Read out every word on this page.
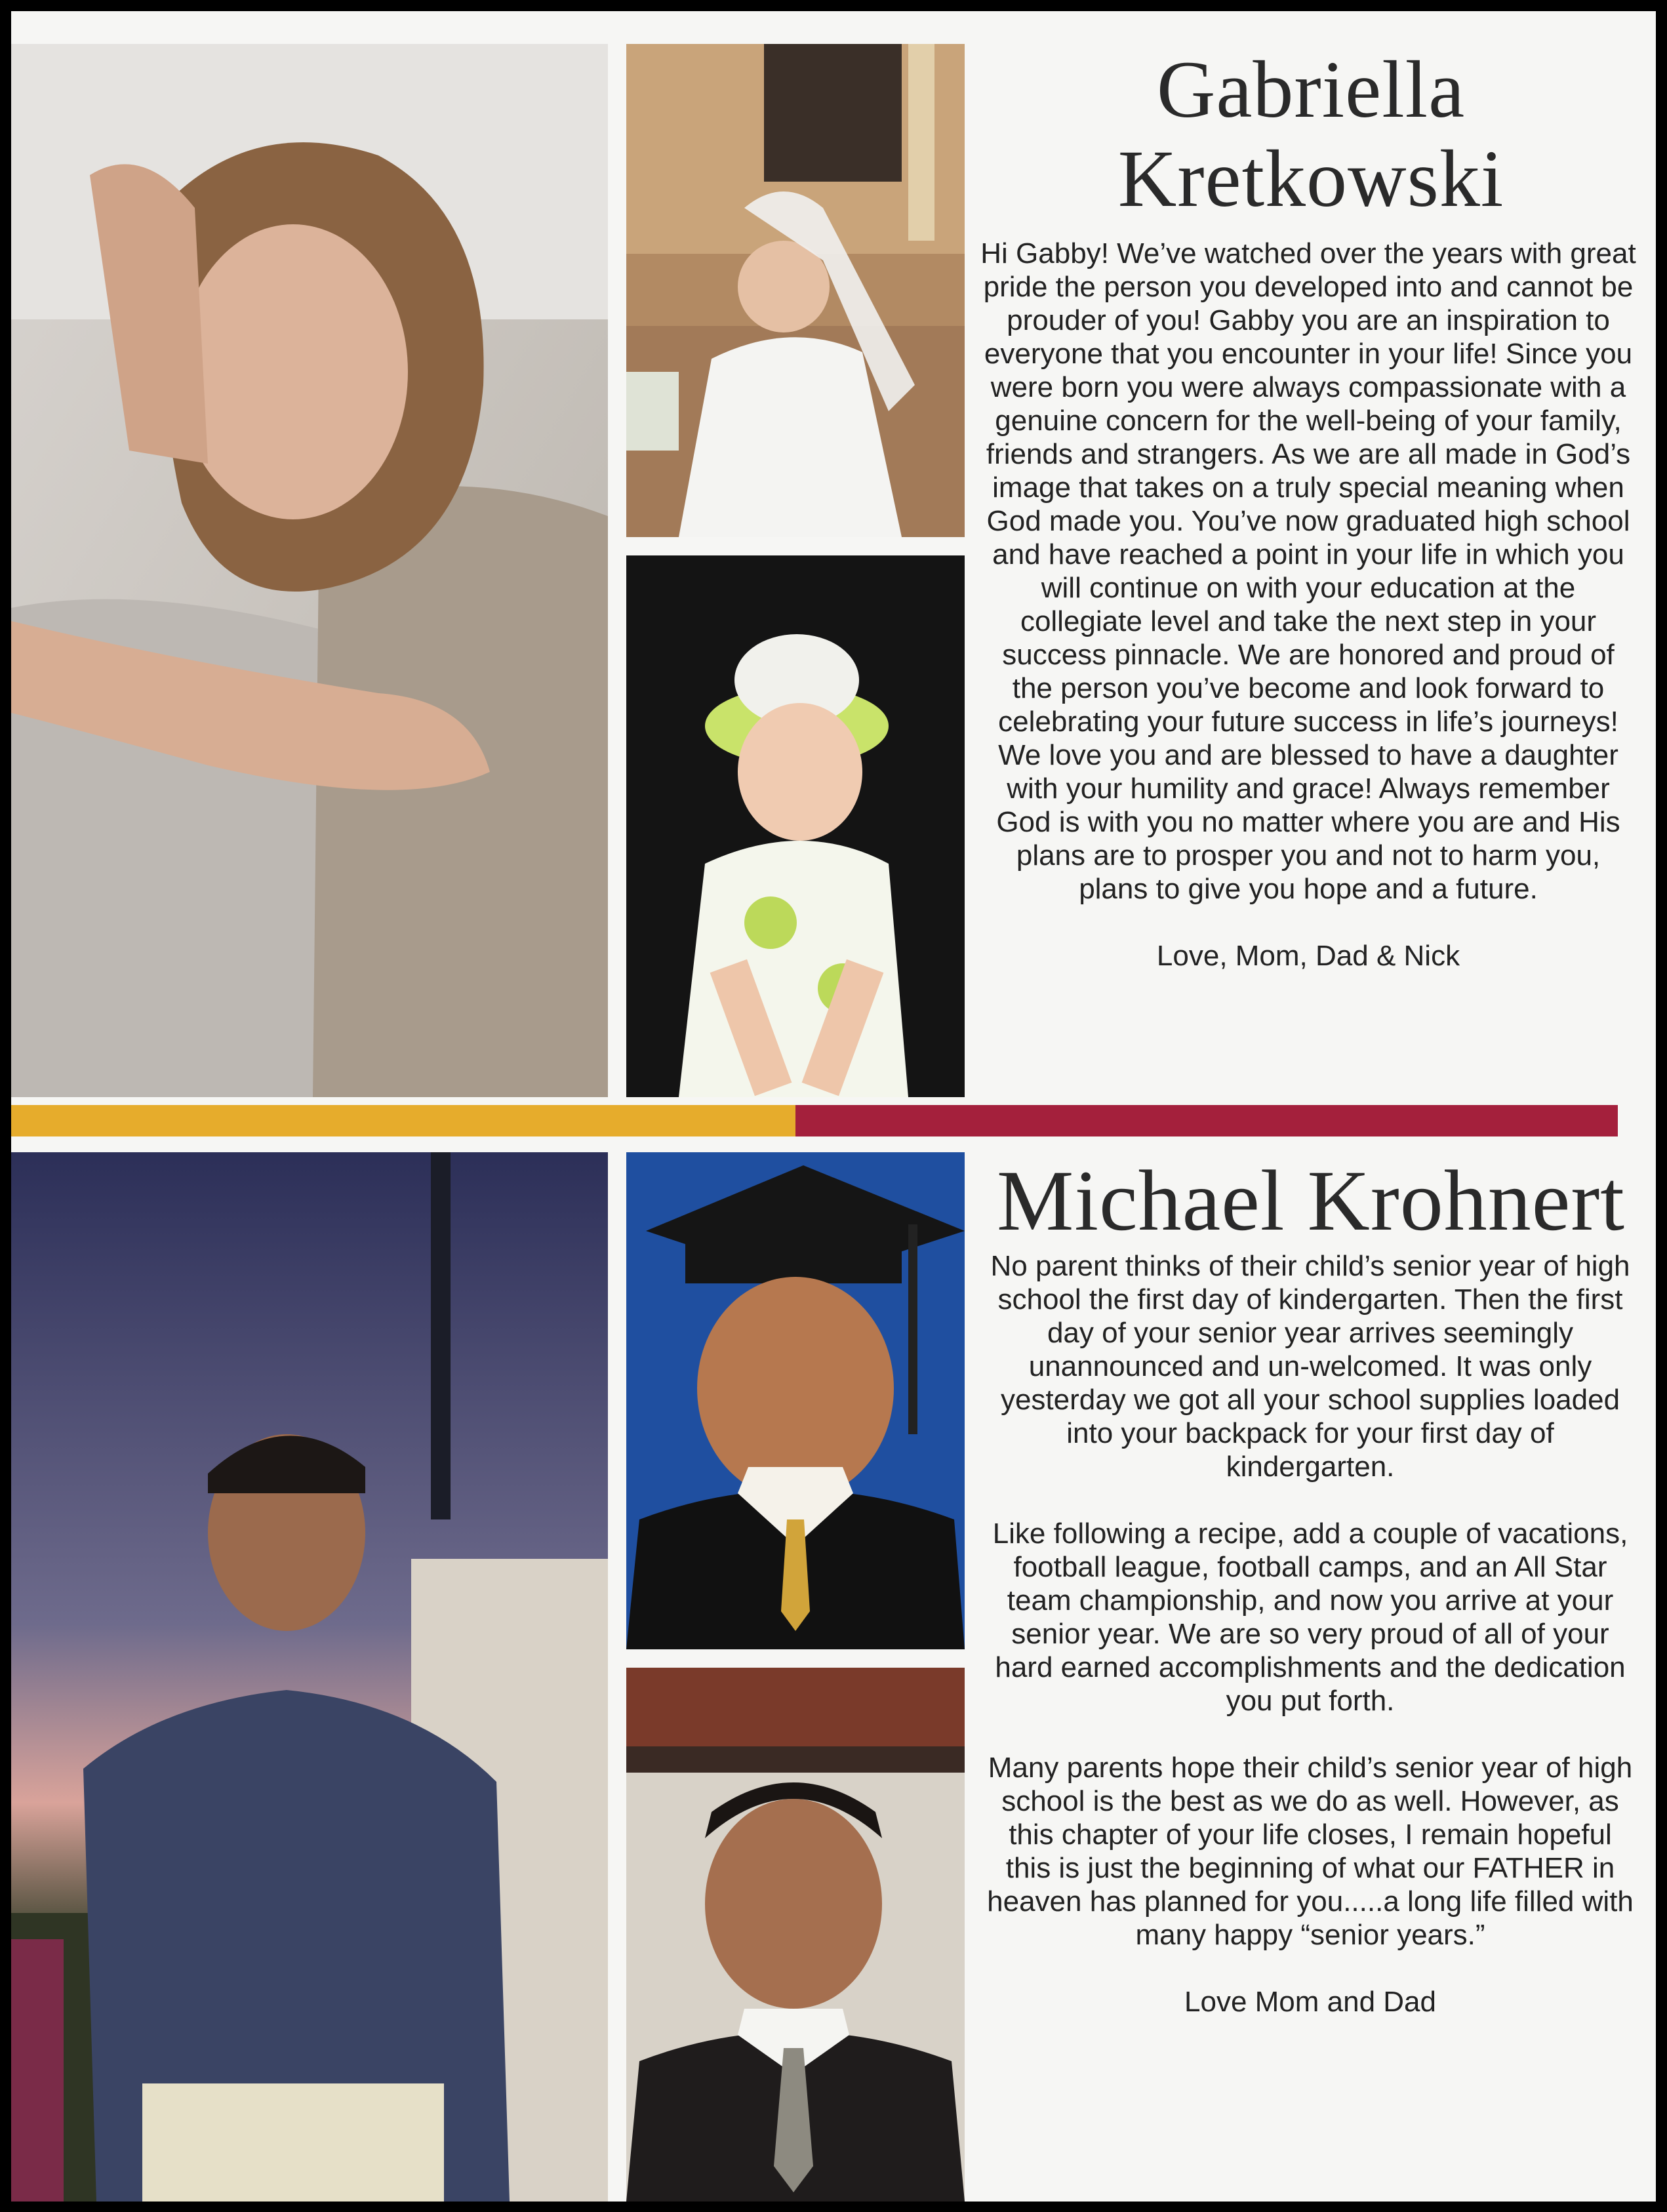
Gabriella Kretkowski

Hi Gabby! We’ve watched over the years with great pride the person you developed into and cannot be prouder of you! Gabby you are an inspiration to everyone that you encounter in your life! Since you were born you were always compassionate with a genuine concern for the well-being of your family, friends and strangers. As we are all made in God’s image that takes on a truly special meaning when God made you. You’ve now graduated high school and have reached a point in your life in which you will continue on with your education at the collegiate level and take the next step in your success pinnacle. We are honored and proud of the person you’ve become and look forward to celebrating your future success in life’s journeys! We love you and are blessed to have a daughter with your humility and grace! Always remember God is with you no matter where you are and His plans are to prosper you and not to harm you, plans to give you hope and a future.

Love, Mom, Dad & Nick
Michael Krohnert

No parent thinks of their child’s senior year of high school the first day of kindergarten. Then the first day of your senior year arrives seemingly unannounced and un-welcomed. It was only yesterday we got all your school supplies loaded into your backpack for your first day of kindergarten.

Like following a recipe, add a couple of vacations, football league, football camps, and an All Star team championship, and now you arrive at your senior year. We are so very proud of all of your hard earned accomplishments and the dedication you put forth.

Many parents hope their child’s senior year of high school is the best as we do as well. However, as this chapter of your life closes, I remain hopeful this is just the beginning of what our FATHER in heaven has planned for you.....a long life filled with many happy “senior years.”

Love Mom and Dad
